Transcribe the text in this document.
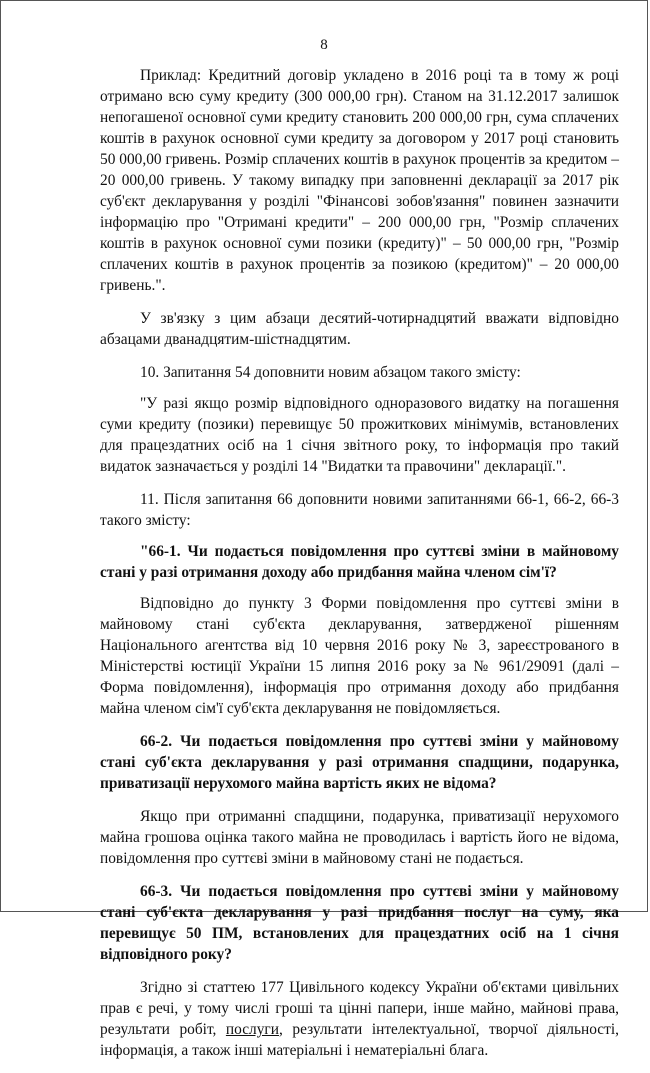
8

Приклад: Кредитний договір укладено в 2016 році та в тому ж році отримано всю суму кредиту (300 000,00 грн). Станом на 31.12.2017 залишок непогашеної основної суми кредиту становить 200 000,00 грн, сума сплачених коштів в рахунок основної суми кредиту за договором у 2017 році становить 50 000,00 гривень. Розмір сплачених коштів в рахунок процентів за кредитом – 20 000,00 гривень. У такому випадку при заповненні декларації за 2017 рік суб'єкт декларування у розділі "Фінансові зобов'язання" повинен зазначити інформацію про "Отримані кредити" – 200 000,00 грн, "Розмір сплачених коштів в рахунок основної суми позики (кредиту)" – 50 000,00 грн, "Розмір сплачених коштів в рахунок процентів за позикою (кредитом)" – 20 000,00 гривень.".

У зв'язку з цим абзаци десятий-чотирнадцятий вважати відповідно абзацами дванадцятим-шістнадцятим.

10. Запитання 54 доповнити новим абзацом такого змісту:

"У разі якщо розмір відповідного одноразового видатку на погашення суми кредиту (позики) перевищує 50 прожиткових мінімумів, встановлених для працездатних осіб на 1 січня звітного року, то інформація про такий видаток зазначається у розділі 14 "Видатки та правочини" декларації.".

11. Після запитання 66 доповнити новими запитаннями 66-1, 66-2, 66-3 такого змісту:

"66-1. Чи подається повідомлення про суттєві зміни в майновому стані у разі отримання доходу або придбання майна членом сім'ї?

Відповідно до пункту 3 Форми повідомлення про суттєві зміни в майновому стані суб'єкта декларування, затвердженої рішенням Національного агентства від 10 червня 2016 року № 3, зареєстрованого в Міністерстві юстиції України 15 липня 2016 року за № 961/29091 (далі – Форма повідомлення), інформація про отримання доходу або придбання майна членом сім'ї суб'єкта декларування не повідомляється.

66-2. Чи подається повідомлення про суттєві зміни у майновому стані суб'єкта декларування у разі отримання спадщини, подарунка, приватизації нерухомого майна вартість яких не відома?

Якщо при отриманні спадщини, подарунка, приватизації нерухомого майна грошова оцінка такого майна не проводилась і вартість його не відома, повідомлення про суттєві зміни в майновому стані не подається.

66-3. Чи подається повідомлення про суттєві зміни у майновому стані суб'єкта декларування у разі придбання послуг на суму, яка перевищує 50 ПМ, встановлених для працездатних осіб на 1 січня відповідного року?

Згідно зі статтею 177 Цивільного кодексу України об'єктами цивільних прав є речі, у тому числі гроші та цінні папери, інше майно, майнові права, результати робіт, послуги, результати інтелектуальної, творчої діяльності, інформація, а також інші матеріальні і нематеріальні блага.
